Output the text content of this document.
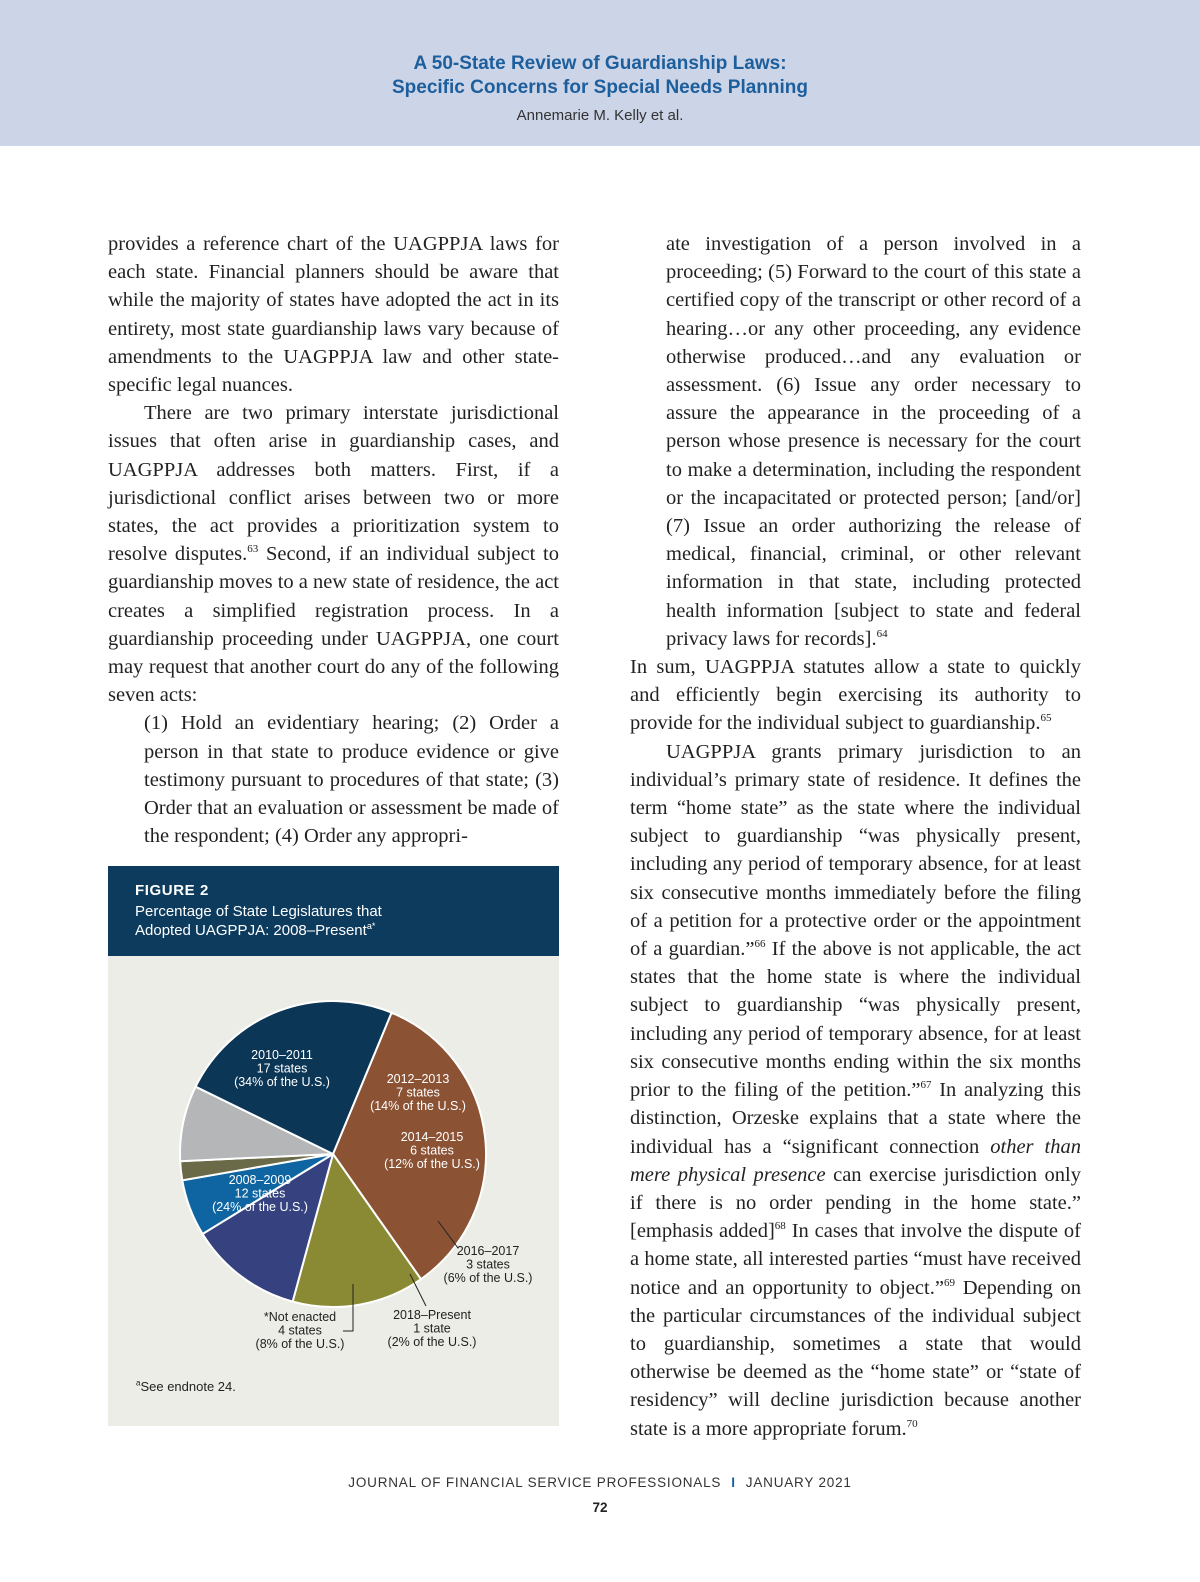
A 50-State Review of Guardianship Laws:
Specific Concerns for Special Needs Planning
Annemarie M. Kelly et al.

provides a reference chart of the UAGPPJA laws for each state. Financial planners should be aware that while the majority of states have adopted the act in its entirety, most state guardianship laws vary because of amendments to the UAGPPJA law and other state-specific legal nuances.

There are two primary interstate jurisdictional issues that often arise in guardianship cases, and UAGPPJA addresses both matters. First, if a jurisdictional conflict arises between two or more states, the act provides a prioritization system to resolve disputes.$^{63}$ Second, if an individual subject to guardianship moves to a new state of residence, the act creates a simplified registration process. In a guardianship proceeding under UAGPPJA, one court may request that another court do any of the following seven acts:

(1) Hold an evidentiary hearing; (2) Order a person in that state to produce evidence or give testimony pursuant to procedures of that state; (3) Order that an evaluation or assessment be made of the respondent; (4) Order any appropri-

ate investigation of a person involved in a proceeding; (5) Forward to the court of this state a certified copy of the transcript or other record of a hearing…or any other proceeding, any evidence otherwise produced…and any evaluation or assessment. (6) Issue any order necessary to assure the appearance in the proceeding of a person whose presence is necessary for the court to make a determination, including the respondent or the incapacitated or protected person; [and/or] (7) Issue an order authorizing the release of medical, financial, criminal, or other relevant information in that state, including protected health information [subject to state and federal privacy laws for records].$^{64}$

In sum, UAGPPJA statutes allow a state to quickly and efficiently begin exercising its authority to provide for the individual subject to guardianship.$^{65}$

UAGPPJA grants primary jurisdiction to an individual’s primary state of residence. It defines the term “home state” as the state where the individual subject to guardianship “was physically present, including any period of temporary absence, for at least six consecutive months immediately before the filing of a petition for a protective order or the appointment of a guardian.”$^{66}$ If the above is not applicable, the act states that the home state is where the individual subject to guardianship “was physically present, including any period of temporary absence, for at least six consecutive months ending within the six months prior to the filing of the petition.”$^{67}$ In analyzing this distinction, Orzeske explains that a state where the individual has a “significant connection other than mere physical presence can exercise jurisdiction only if there is no order pending in the home state.” [emphasis added]$^{68}$ In cases that involve the dispute of a home state, all interested parties “must have received notice and an opportunity to object.”$^{69}$ Depending on the particular circumstances of the individual subject to guardianship, sometimes a state that would otherwise be deemed as the “home state” or “state of residency” will decline jurisdiction because another state is a more appropriate forum.$^{70}$

FIGURE 2
Percentage of State Legislatures that
Adopted UAGPPJA: 2008–Present$^{a*}$
2010–2011
17 states
(34% of the U.S.)	2012–2013
7 states
(14% of the U.S.)
2014–2015
6 states
(12% of the U.S.)
2016–2017
3 states
(6% of the U.S.)
2018–Present
1 state
(2% of the U.S.)
*Not enacted
4 states
(8% of the U.S.)
2008–2009
12 states
(24% of the U.S.)
$^a$See endnote 24.
JOURNAL OF FINANCIAL SERVICE PROFESSIONALS I JANUARY 2021
72
